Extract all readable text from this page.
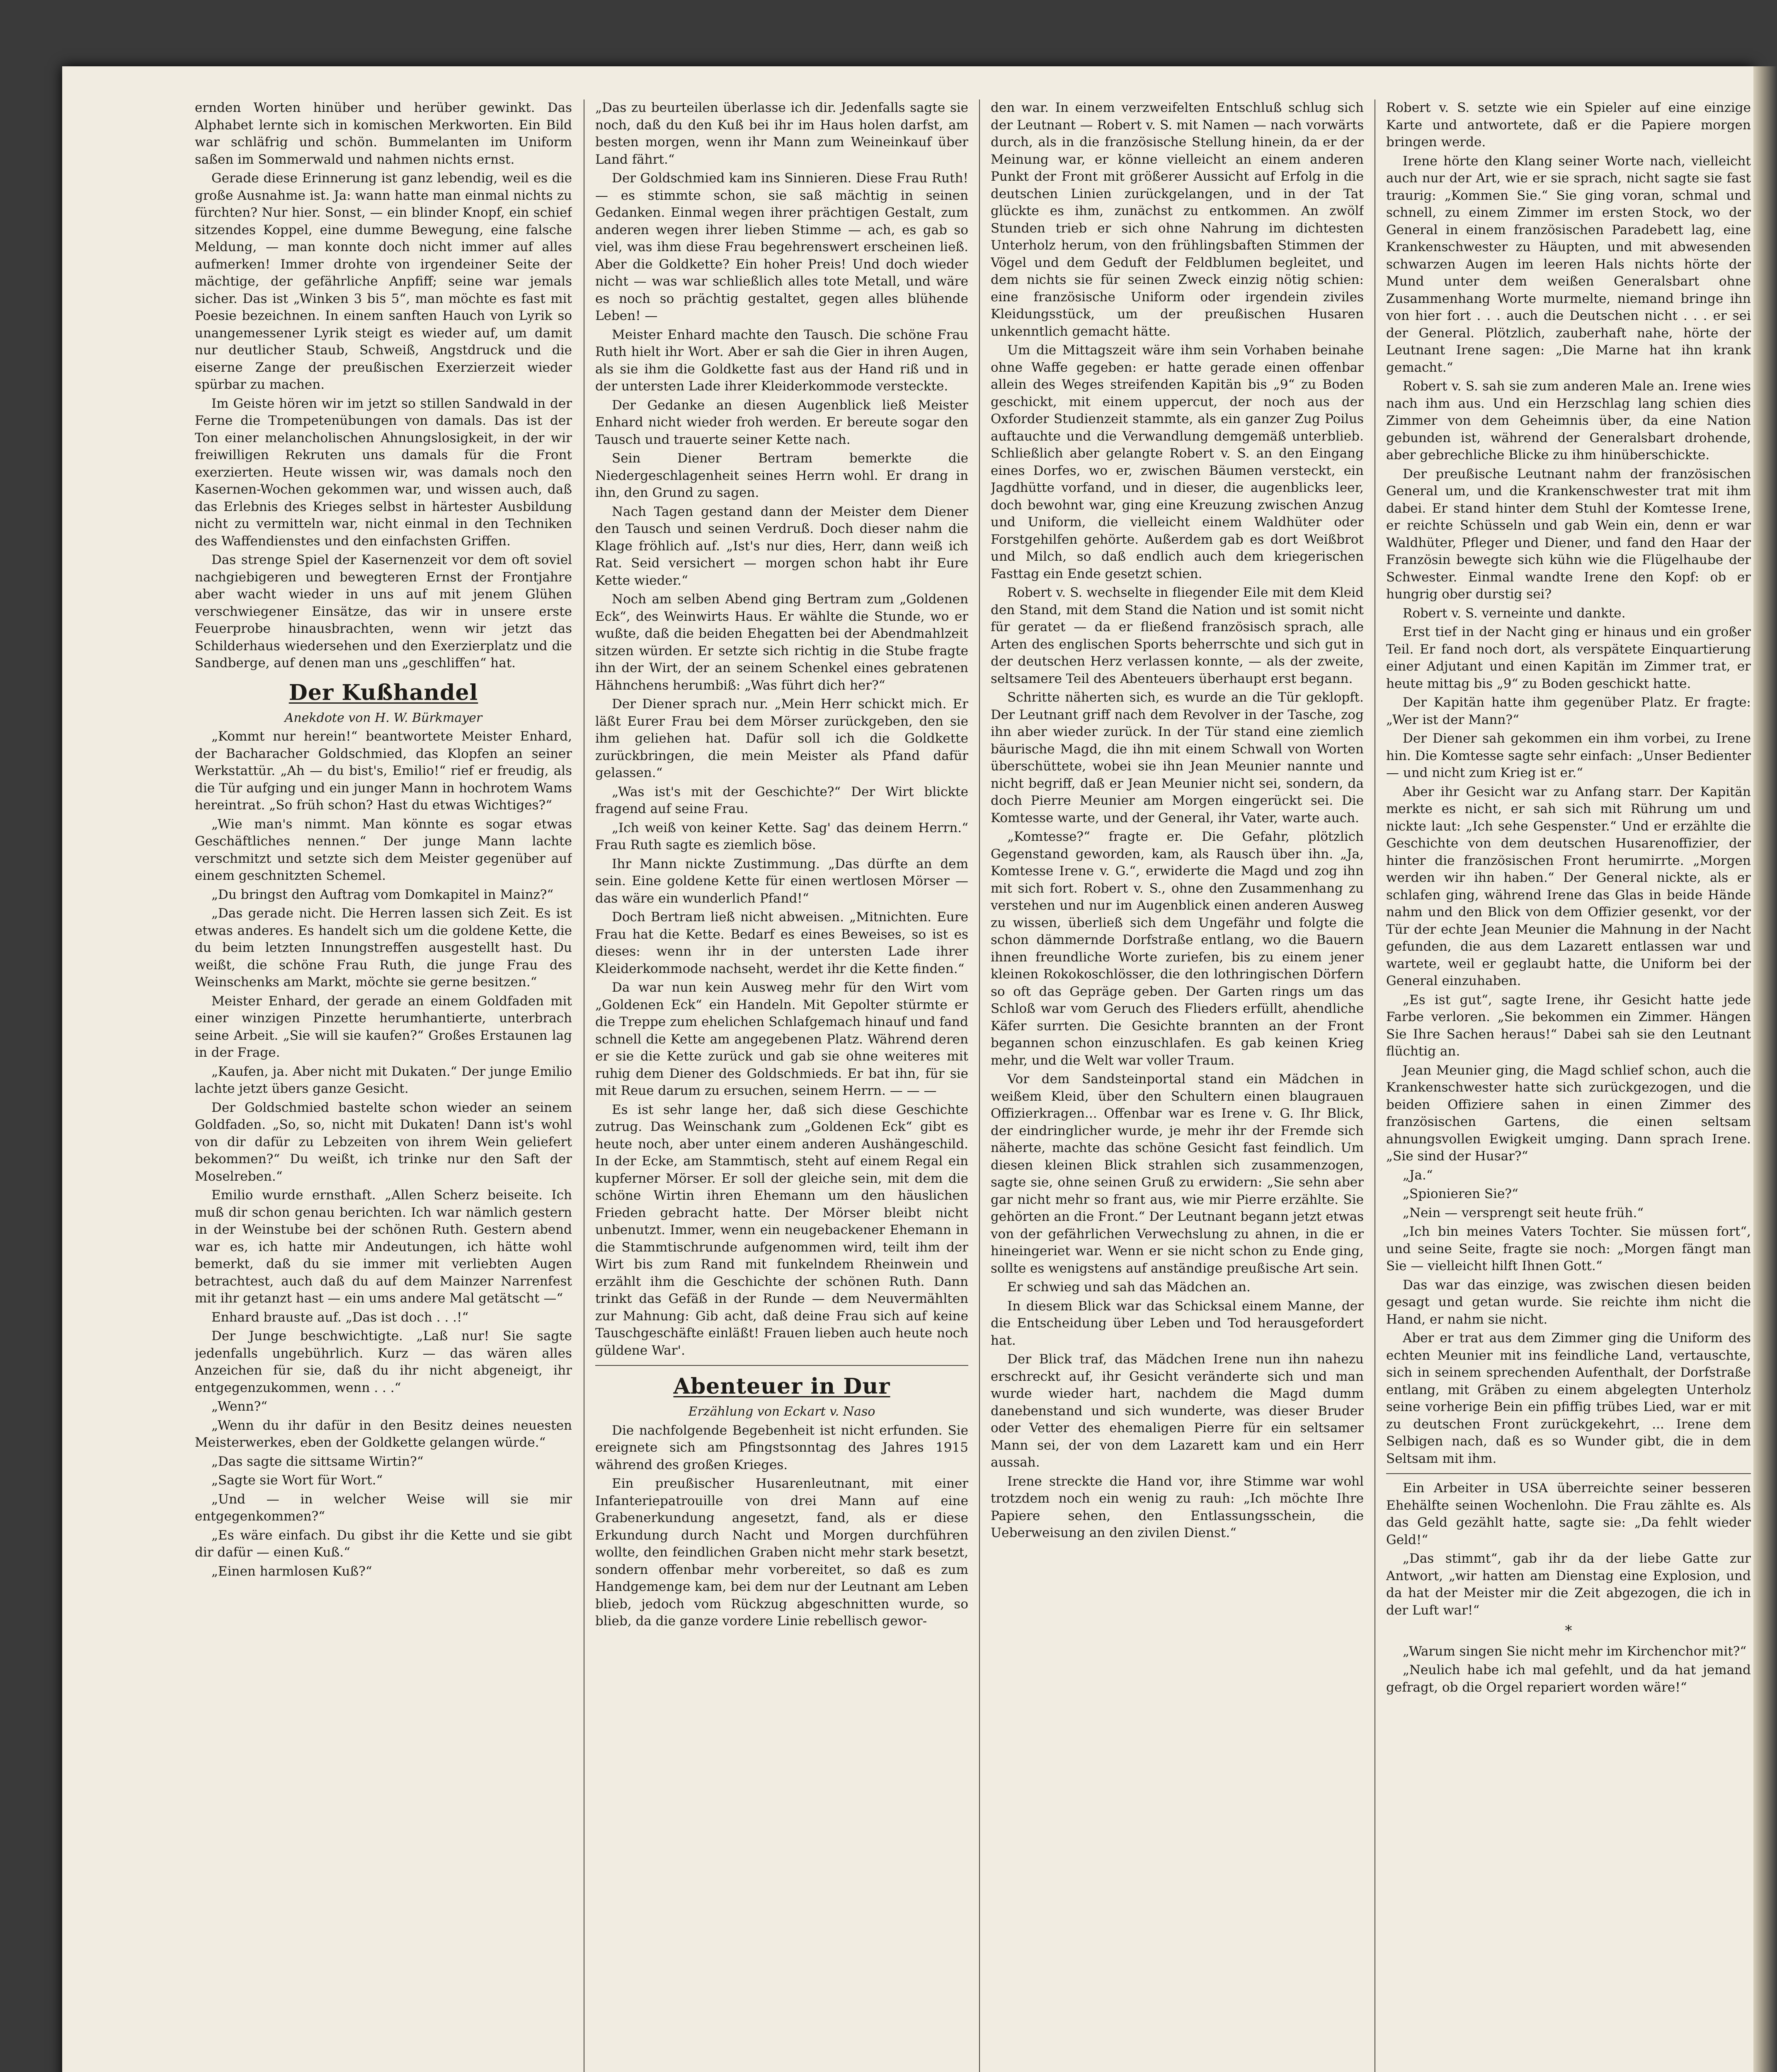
ernden Worten hinüber und herüber gewinkt. Das Alphabet lernte sich in komischen Merkworten. Ein Bild war schläfrig und schön. Bummelanten im Uniform saßen im Sommerwald und nahmen nichts ernst.

Gerade diese Erinnerung ist ganz lebendig, weil es die große Ausnahme ist. Ja: wann hatte man einmal nichts zu fürchten? Nur hier. Sonst, — ein blinder Knopf, ein schief sitzendes Koppel, eine dumme Bewegung, eine falsche Meldung, — man konnte doch nicht immer auf alles aufmerken! Immer drohte von irgendeiner Seite der mächtige, der gefährliche Anpfiff; seine war jemals sicher. Das ist „Winken 3 bis 5“, man möchte es fast mit Poesie bezeichnen. In einem sanften Hauch von Lyrik so unangemessener Lyrik steigt es wieder auf, um damit nur deutlicher Staub, Schweiß, Angstdruck und die eiserne Zange der preußischen Exerzierzeit wieder spürbar zu machen.

Im Geiste hören wir im jetzt so stillen Sandwald in der Ferne die Trompetenübungen von damals. Das ist der Ton einer melancholischen Ahnungslosigkeit, in der wir freiwilligen Rekruten uns damals für die Front exerzierten. Heute wissen wir, was damals noch den Kasernen-Wochen gekommen war, und wissen auch, daß das Erlebnis des Krieges selbst in härtester Ausbildung nicht zu vermitteln war, nicht einmal in den Techniken des Waffendienstes und den einfachsten Griffen.

Das strenge Spiel der Kasernenzeit vor dem oft soviel nachgiebigeren und bewegteren Ernst der Frontjahre aber wacht wieder in uns auf mit jenem Glühen verschwiegener Einsätze, das wir in unsere erste Feuerprobe hinausbrachten, wenn wir jetzt das Schilderhaus wiedersehen und den Exerzierplatz und die Sandberge, auf denen man uns „geschliffen“ hat.

Der Kußhandel

Anekdote von H. W. Bürkmayer

„Kommt nur herein!“ beantwortete Meister Enhard, der Bacharacher Goldschmied, das Klopfen an seiner Werkstattür. „Ah — du bist's, Emilio!“ rief er freudig, als die Tür aufging und ein junger Mann in hochrotem Wams hereintrat. „So früh schon? Hast du etwas Wichtiges?“

„Wie man's nimmt. Man könnte es sogar etwas Geschäftliches nennen.“ Der junge Mann lachte verschmitzt und setzte sich dem Meister gegenüber auf einem geschnitzten Schemel.

„Du bringst den Auftrag vom Domkapitel in Mainz?“

„Das gerade nicht. Die Herren lassen sich Zeit. Es ist etwas anderes. Es handelt sich um die goldene Kette, die du beim letzten Innungstreffen ausgestellt hast. Du weißt, die schöne Frau Ruth, die junge Frau des Weinschenks am Markt, möchte sie gerne besitzen.“

Meister Enhard, der gerade an einem Goldfaden mit einer winzigen Pinzette herumhantierte, unterbrach seine Arbeit. „Sie will sie kaufen?“ Großes Erstaunen lag in der Frage.

„Kaufen, ja. Aber nicht mit Dukaten.“ Der junge Emilio lachte jetzt übers ganze Gesicht.

Der Goldschmied bastelte schon wieder an seinem Goldfaden. „So, so, nicht mit Dukaten! Dann ist's wohl von dir dafür zu Lebzeiten von ihrem Wein geliefert bekommen?“ Du weißt, ich trinke nur den Saft der Moselreben.“

Emilio wurde ernsthaft. „Allen Scherz beiseite. Ich muß dir schon genau berichten. Ich war nämlich gestern in der Weinstube bei der schönen Ruth. Gestern abend war es, ich hatte mir Andeutungen, ich hätte wohl bemerkt, daß du sie immer mit verliebten Augen betrachtest, auch daß du auf dem Mainzer Narrenfest mit ihr getanzt hast — ein ums andere Mal getätscht —“

Enhard brauste auf. „Das ist doch . . .!“

Der Junge beschwichtigte. „Laß nur! Sie sagte jedenfalls ungebührlich. Kurz — das wären alles Anzeichen für sie, daß du ihr nicht abgeneigt, ihr entgegenzukommen, wenn . . .“

„Wenn?“

„Wenn du ihr dafür in den Besitz deines neuesten Meisterwerkes, eben der Goldkette gelangen würde.“

„Das sagte die sittsame Wirtin?“

„Sagte sie Wort für Wort.“

„Und — in welcher Weise will sie mir entgegenkommen?“

„Es wäre einfach. Du gibst ihr die Kette und sie gibt dir dafür — einen Kuß.“

„Einen harmlosen Kuß?“

„Das zu beurteilen überlasse ich dir. Jedenfalls sagte sie noch, daß du den Kuß bei ihr im Haus holen darfst, am besten morgen, wenn ihr Mann zum Weineinkauf über Land fährt.“

Der Goldschmied kam ins Sinnieren. Diese Frau Ruth! — es stimmte schon, sie saß mächtig in seinen Gedanken. Einmal wegen ihrer prächtigen Gestalt, zum anderen wegen ihrer lieben Stimme — ach, es gab so viel, was ihm diese Frau begehrenswert erscheinen ließ. Aber die Goldkette? Ein hoher Preis! Und doch wieder nicht — was war schließlich alles tote Metall, und wäre es noch so prächtig gestaltet, gegen alles blühende Leben! —

Meister Enhard machte den Tausch. Die schöne Frau Ruth hielt ihr Wort. Aber er sah die Gier in ihren Augen, als sie ihm die Goldkette fast aus der Hand riß und in der untersten Lade ihrer Kleiderkommode versteckte.

Der Gedanke an diesen Augenblick ließ Meister Enhard nicht wieder froh werden. Er bereute sogar den Tausch und trauerte seiner Kette nach.

Sein Diener Bertram bemerkte die Niedergeschlagenheit seines Herrn wohl. Er drang in ihn, den Grund zu sagen.

Nach Tagen gestand dann der Meister dem Diener den Tausch und seinen Verdruß. Doch dieser nahm die Klage fröhlich auf. „Ist's nur dies, Herr, dann weiß ich Rat. Seid versichert — morgen schon habt ihr Eure Kette wieder.“

Noch am selben Abend ging Bertram zum „Goldenen Eck“, des Weinwirts Haus. Er wählte die Stunde, wo er wußte, daß die beiden Ehegatten bei der Abendmahlzeit sitzen würden. Er setzte sich richtig in die Stube fragte ihn der Wirt, der an seinem Schenkel eines gebratenen Hähnchens herumbiß: „Was führt dich her?“

Der Diener sprach nur. „Mein Herr schickt mich. Er läßt Eurer Frau bei dem Mörser zurückgeben, den sie ihm geliehen hat. Dafür soll ich die Goldkette zurückbringen, die mein Meister als Pfand dafür gelassen.“

„Was ist's mit der Geschichte?“ Der Wirt blickte fragend auf seine Frau.

„Ich weiß von keiner Kette. Sag' das deinem Herrn.“ Frau Ruth sagte es ziemlich böse.

Ihr Mann nickte Zustimmung. „Das dürfte an dem sein. Eine goldene Kette für einen wertlosen Mörser — das wäre ein wunderlich Pfand!“

Doch Bertram ließ nicht abweisen. „Mitnichten. Eure Frau hat die Kette. Bedarf es eines Beweises, so ist es dieses: wenn ihr in der untersten Lade ihrer Kleiderkommode nachseht, werdet ihr die Kette finden.“

Da war nun kein Ausweg mehr für den Wirt vom „Goldenen Eck“ ein Handeln. Mit Gepolter stürmte er die Treppe zum ehelichen Schlafgemach hinauf und fand schnell die Kette am angegebenen Platz. Während deren er sie die Kette zurück und gab sie ohne weiteres mit ruhig dem Diener des Goldschmieds. Er bat ihn, für sie mit Reue darum zu ersuchen, seinem Herrn. — — —

Es ist sehr lange her, daß sich diese Geschichte zutrug. Das Weinschank zum „Goldenen Eck“ gibt es heute noch, aber unter einem anderen Aushängeschild. In der Ecke, am Stammtisch, steht auf einem Regal ein kupferner Mörser. Er soll der gleiche sein, mit dem die schöne Wirtin ihren Ehemann um den häuslichen Frieden gebracht hatte. Der Mörser bleibt nicht unbenutzt. Immer, wenn ein neugebackener Ehemann in die Stammtischrunde aufgenommen wird, teilt ihm der Wirt bis zum Rand mit funkelndem Rheinwein und erzählt ihm die Geschichte der schönen Ruth. Dann trinkt das Gefäß in der Runde — dem Neuvermählten zur Mahnung: Gib acht, daß deine Frau sich auf keine Tauschgeschäfte einläßt! Frauen lieben auch heute noch güldene War'.

Abenteuer in Dur

Erzählung von Eckart v. Naso

Die nachfolgende Begebenheit ist nicht erfunden. Sie ereignete sich am Pfingstsonntag des Jahres 1915 während des großen Krieges.

Ein preußischer Husarenleutnant, mit einer Infanteriepatrouille von drei Mann auf eine Grabenerkundung angesetzt, fand, als er diese Erkundung durch Nacht und Morgen durchführen wollte, den feindlichen Graben nicht mehr stark besetzt, sondern offenbar mehr vorbereitet, so daß es zum Handgemenge kam, bei dem nur der Leutnant am Leben blieb, jedoch vom Rückzug abgeschnitten wurde, so blieb, da die ganze vordere Linie rebellisch gewor-

den war. In einem verzweifelten Entschluß schlug sich der Leutnant — Robert v. S. mit Namen — nach vorwärts durch, als in die französische Stellung hinein, da er der Meinung war, er könne vielleicht an einem anderen Punkt der Front mit größerer Aussicht auf Erfolg in die deutschen Linien zurückgelangen, und in der Tat glückte es ihm, zunächst zu entkommen. An zwölf Stunden trieb er sich ohne Nahrung im dichtesten Unterholz herum, von den frühlingsbaften Stimmen der Vögel und dem Geduft der Feldblumen begleitet, und dem nichts sie für seinen Zweck einzig nötig schien: eine französische Uniform oder irgendein ziviles Kleidungsstück, um der preußischen Husaren unkenntlich gemacht hätte.

Um die Mittagszeit wäre ihm sein Vorhaben beinahe ohne Waffe gegeben: er hatte gerade einen offenbar allein des Weges streifenden Kapitän bis „9“ zu Boden geschickt, mit einem uppercut, der noch aus der Oxforder Studienzeit stammte, als ein ganzer Zug Poilus auftauchte und die Verwandlung demgemäß unterblieb. Schließlich aber gelangte Robert v. S. an den Eingang eines Dorfes, wo er, zwischen Bäumen versteckt, ein Jagdhütte vorfand, und in dieser, die augenblicks leer, doch bewohnt war, ging eine Kreuzung zwischen Anzug und Uniform, die vielleicht einem Waldhüter oder Forstgehilfen gehörte. Außerdem gab es dort Weißbrot und Milch, so daß endlich auch dem kriegerischen Fasttag ein Ende gesetzt schien.

Robert v. S. wechselte in fliegender Eile mit dem Kleid den Stand, mit dem Stand die Nation und ist somit nicht für geratet — da er fließend französisch sprach, alle Arten des englischen Sports beherrschte und sich gut in der deutschen Herz verlassen konnte, — als der zweite, seltsamere Teil des Abenteuers überhaupt erst begann.

Schritte näherten sich, es wurde an die Tür geklopft. Der Leutnant griff nach dem Revolver in der Tasche, zog ihn aber wieder zurück. In der Tür stand eine ziemlich bäurische Magd, die ihn mit einem Schwall von Worten überschüttete, wobei sie ihn Jean Meunier nannte und nicht begriff, daß er Jean Meunier nicht sei, sondern, da doch Pierre Meunier am Morgen eingerückt sei. Die Komtesse warte, und der General, ihr Vater, warte auch.

„Komtesse?“ fragte er. Die Gefahr, plötzlich Gegenstand geworden, kam, als Rausch über ihn. „Ja, Komtesse Irene v. G.“, erwiderte die Magd und zog ihn mit sich fort. Robert v. S., ohne den Zusammenhang zu verstehen und nur im Augenblick einen anderen Ausweg zu wissen, überließ sich dem Ungefähr und folgte die schon dämmernde Dorfstraße entlang, wo die Bauern ihnen freundliche Worte zuriefen, bis zu einem jener kleinen Rokokoschlösser, die den lothringischen Dörfern so oft das Gepräge geben. Der Garten rings um das Schloß war vom Geruch des Flieders erfüllt, ahendliche Käfer surrten. Die Gesichte brannten an der Front begannen schon einzuschlafen. Es gab keinen Krieg mehr, und die Welt war voller Traum.

Vor dem Sandsteinportal stand ein Mädchen in weißem Kleid, über den Schultern einen blaugrauen Offizierkragen... Offenbar war es Irene v. G. Ihr Blick, der eindringlicher wurde, je mehr ihr der Fremde sich näherte, machte das schöne Gesicht fast feindlich. Um diesen kleinen Blick strahlen sich zusammenzogen, sagte sie, ohne seinen Gruß zu erwidern: „Sie sehn aber gar nicht mehr so frant aus, wie mir Pierre erzählte. Sie gehörten an die Front.“ Der Leutnant begann jetzt etwas von der gefährlichen Verwechslung zu ahnen, in die er hineingeriet war. Wenn er sie nicht schon zu Ende ging, sollte es wenigstens auf anständige preußische Art sein.

Er schwieg und sah das Mädchen an.

In diesem Blick war das Schicksal einem Manne, der die Entscheidung über Leben und Tod herausgefordert hat.

Der Blick traf, das Mädchen Irene nun ihn nahezu erschreckt auf, ihr Gesicht veränderte sich und man wurde wieder hart, nachdem die Magd dumm danebenstand und sich wunderte, was dieser Bruder oder Vetter des ehemaligen Pierre für ein seltsamer Mann sei, der von dem Lazarett kam und ein Herr aussah.

Irene streckte die Hand vor, ihre Stimme war wohl trotzdem noch ein wenig zu rauh: „Ich möchte Ihre Papiere sehen, den Entlassungsschein, die Ueberweisung an den zivilen Dienst.“

Robert v. S. setzte wie ein Spieler auf eine einzige Karte und antwortete, daß er die Papiere morgen bringen werde.

Irene hörte den Klang seiner Worte nach, vielleicht auch nur der Art, wie er sie sprach, nicht sagte sie fast traurig: „Kommen Sie.“ Sie ging voran, schmal und schnell, zu einem Zimmer im ersten Stock, wo der General in einem französischen Paradebett lag, eine Krankenschwester zu Häupten, und mit abwesenden schwarzen Augen im leeren Hals nichts hörte der Mund unter dem weißen Generalsbart ohne Zusammenhang Worte murmelte, niemand bringe ihn von hier fort . . . auch die Deutschen nicht . . . er sei der General. Plötzlich, zauberhaft nahe, hörte der Leutnant Irene sagen: „Die Marne hat ihn krank gemacht.“

Robert v. S. sah sie zum anderen Male an. Irene wies nach ihm aus. Und ein Herzschlag lang schien dies Zimmer von dem Geheimnis über, da eine Nation gebunden ist, während der Generalsbart drohende, aber gebrechliche Blicke zu ihm hinüberschickte.

Der preußische Leutnant nahm der französischen General um, und die Krankenschwester trat mit ihm dabei. Er stand hinter dem Stuhl der Komtesse Irene, er reichte Schüsseln und gab Wein ein, denn er war Waldhüter, Pfleger und Diener, und fand den Haar der Französin bewegte sich kühn wie die Flügelhaube der Schwester. Einmal wandte Irene den Kopf: ob er hungrig ober durstig sei?

Robert v. S. verneinte und dankte.

Erst tief in der Nacht ging er hinaus und ein großer Teil. Er fand noch dort, als verspätete Einquartierung einer Adjutant und einen Kapitän im Zimmer trat, er heute mittag bis „9“ zu Boden geschickt hatte.

Der Kapitän hatte ihm gegenüber Platz. Er fragte: „Wer ist der Mann?“

Der Diener sah gekommen ein ihm vorbei, zu Irene hin. Die Komtesse sagte sehr einfach: „Unser Bedienter — und nicht zum Krieg ist er.“

Aber ihr Gesicht war zu Anfang starr. Der Kapitän merkte es nicht, er sah sich mit Rührung um und nickte laut: „Ich sehe Gespenster.“ Und er erzählte die Geschichte von dem deutschen Husarenoffizier, der hinter die französischen Front herumirrte. „Morgen werden wir ihn haben.“ Der General nickte, als er schlafen ging, während Irene das Glas in beide Hände nahm und den Blick von dem Offizier gesenkt, vor der Tür der echte Jean Meunier die Mahnung in der Nacht gefunden, die aus dem Lazarett entlassen war und wartete, weil er geglaubt hatte, die Uniform bei der General einzuhaben.

„Es ist gut“, sagte Irene, ihr Gesicht hatte jede Farbe verloren. „Sie bekommen ein Zimmer. Hängen Sie Ihre Sachen heraus!“ Dabei sah sie den Leutnant flüchtig an.

Jean Meunier ging, die Magd schlief schon, auch die Krankenschwester hatte sich zurückgezogen, und die beiden Offiziere sahen in einen Zimmer des französischen Gartens, die einen seltsam ahnungsvollen Ewigkeit umging. Dann sprach Irene. „Sie sind der Husar?“

„Ja.“

„Spionieren Sie?“

„Nein — versprengt seit heute früh.“

„Ich bin meines Vaters Tochter. Sie müssen fort“, und seine Seite, fragte sie noch: „Morgen fängt man Sie — vielleicht hilft Ihnen Gott.“

Das war das einzige, was zwischen diesen beiden gesagt und getan wurde. Sie reichte ihm nicht die Hand, er nahm sie nicht.

Aber er trat aus dem Zimmer ging die Uniform des echten Meunier mit ins feindliche Land, vertauschte, sich in seinem sprechenden Aufenthalt, der Dorfstraße entlang, mit Gräben zu einem abgelegten Unterholz seine vorherige Bein ein pfiffig trübes Lied, war er mit zu deutschen Front zurückgekehrt, ... Irene dem Selbigen nach, daß es so Wunder gibt, die in dem Seltsam mit ihm.

Ein Arbeiter in USA überreichte seiner besseren Ehehälfte seinen Wochenlohn. Die Frau zählte es. Als das Geld gezählt hatte, sagte sie: „Da fehlt wieder Geld!“

„Das stimmt“, gab ihr da der liebe Gatte zur Antwort, „wir hatten am Dienstag eine Explosion, und da hat der Meister mir die Zeit abgezogen, die ich in der Luft war!“

*

„Warum singen Sie nicht mehr im Kirchenchor mit?“

„Neulich habe ich mal gefehlt, und da hat jemand gefragt, ob die Orgel repariert worden wäre!“
